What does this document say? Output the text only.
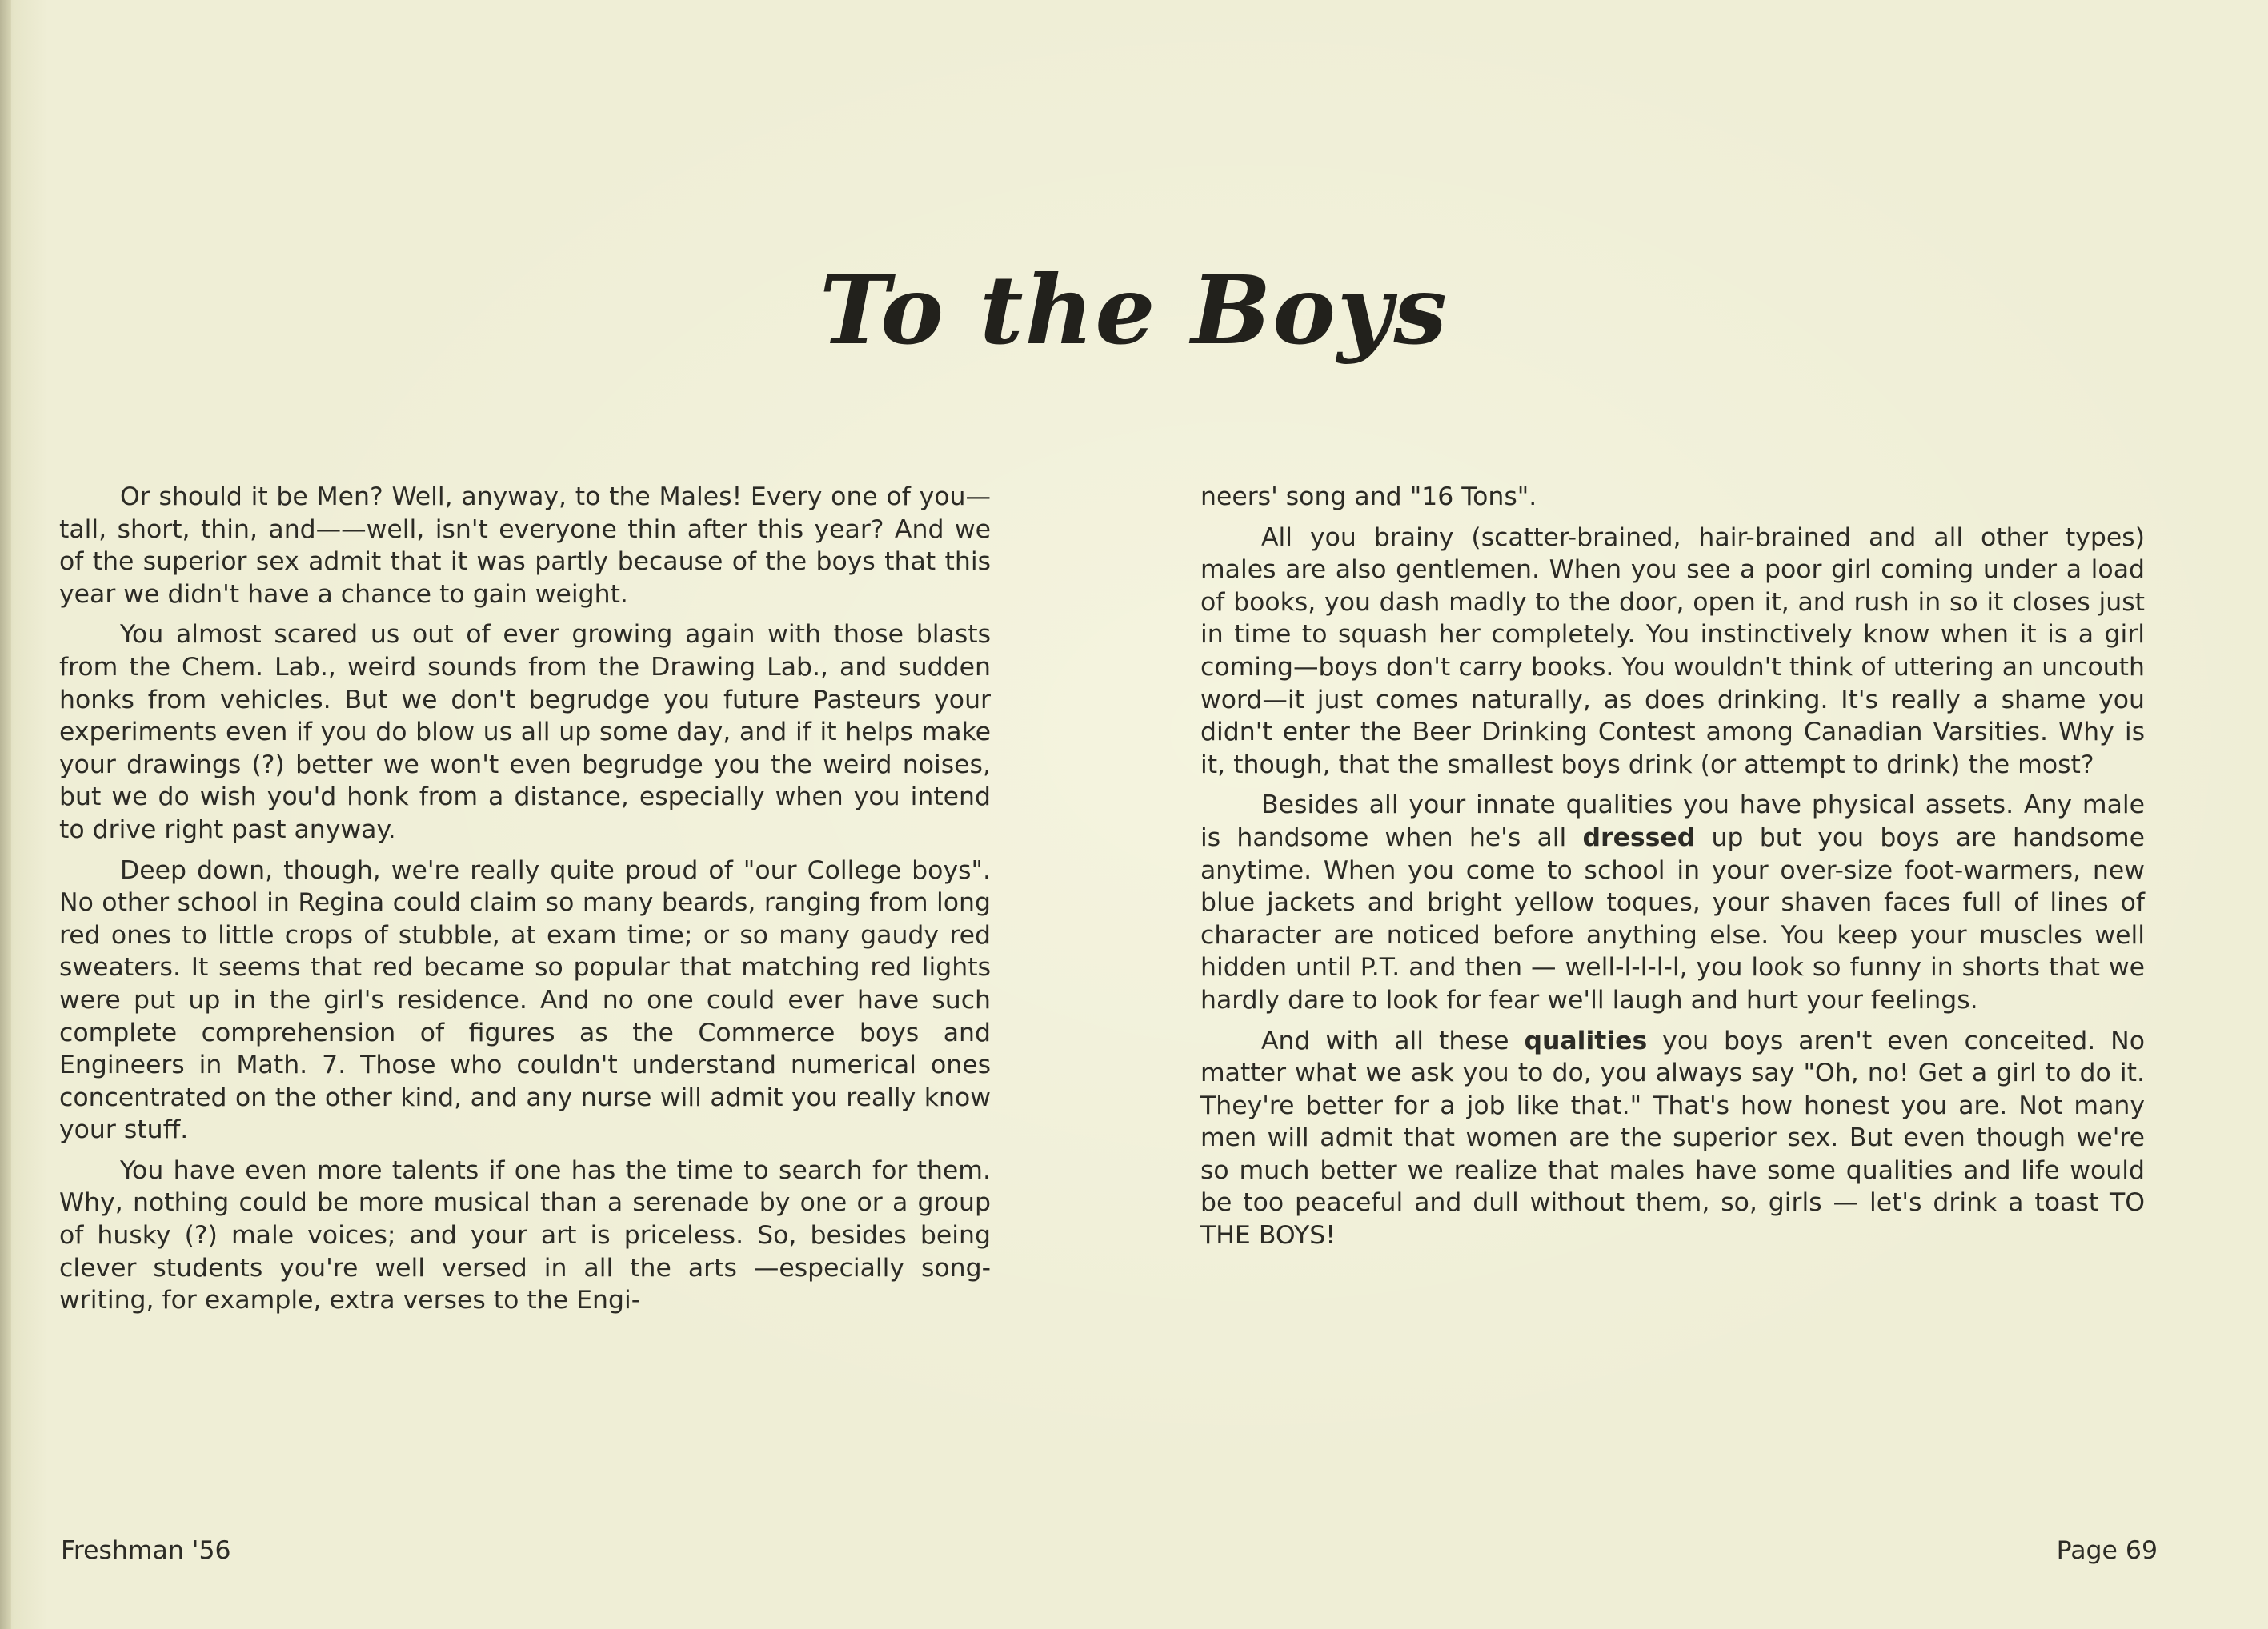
To the Boys

Or should it be Men? Well, anyway, to the Males! Every one of you—tall, short, thin, and——well, isn't everyone thin after this year? And we of the superior sex admit that it was partly because of the boys that this year we didn't have a chance to gain weight.

You almost scared us out of ever growing again with those blasts from the Chem. Lab., weird sounds from the Drawing Lab., and sudden honks from vehicles. But we don't begrudge you future Pasteurs your experiments even if you do blow us all up some day, and if it helps make your drawings (?) better we won't even begrudge you the weird noises, but we do wish you'd honk from a distance, especially when you intend to drive right past anyway.

Deep down, though, we're really quite proud of "our College boys". No other school in Regina could claim so many beards, ranging from long red ones to little crops of stubble, at exam time; or so many gaudy red sweaters. It seems that red became so popular that matching red lights were put up in the girl's residence. And no one could ever have such complete comprehension of figures as the Commerce boys and Engineers in Math. 7. Those who couldn't understand numerical ones concentrated on the other kind, and any nurse will admit you really know your stuff.

You have even more talents if one has the time to search for them. Why, nothing could be more musical than a serenade by one or a group of husky (?) male voices; and your art is priceless. So, besides being clever students you're well versed in all the arts —especially song-writing, for example, extra verses to the Engi-

neers' song and "16 Tons".

All you brainy (scatter-brained, hair-brained and all other types) males are also gentlemen. When you see a poor girl coming under a load of books, you dash madly to the door, open it, and rush in so it closes just in time to squash her completely. You instinctively know when it is a girl coming—boys don't carry books. You wouldn't think of uttering an uncouth word—it just comes naturally, as does drinking. It's really a shame you didn't enter the Beer Drinking Contest among Canadian Varsities. Why is it, though, that the smallest boys drink (or attempt to drink) the most?

Besides all your innate qualities you have physical assets. Any male is handsome when he's all dressed up but you boys are handsome anytime. When you come to school in your over-size foot-warmers, new blue jackets and bright yellow toques, your shaven faces full of lines of character are noticed before anything else. You keep your muscles well hidden until P.T. and then — well-l-l-l-l, you look so funny in shorts that we hardly dare to look for fear we'll laugh and hurt your feelings.

And with all these qualities you boys aren't even conceited. No matter what we ask you to do, you always say "Oh, no! Get a girl to do it. They're better for a job like that." That's how honest you are. Not many men will admit that women are the superior sex. But even though we're so much better we realize that males have some qualities and life would be too peaceful and dull without them, so, girls — let's drink a toast TO THE BOYS!

Freshman '56	Page 69
